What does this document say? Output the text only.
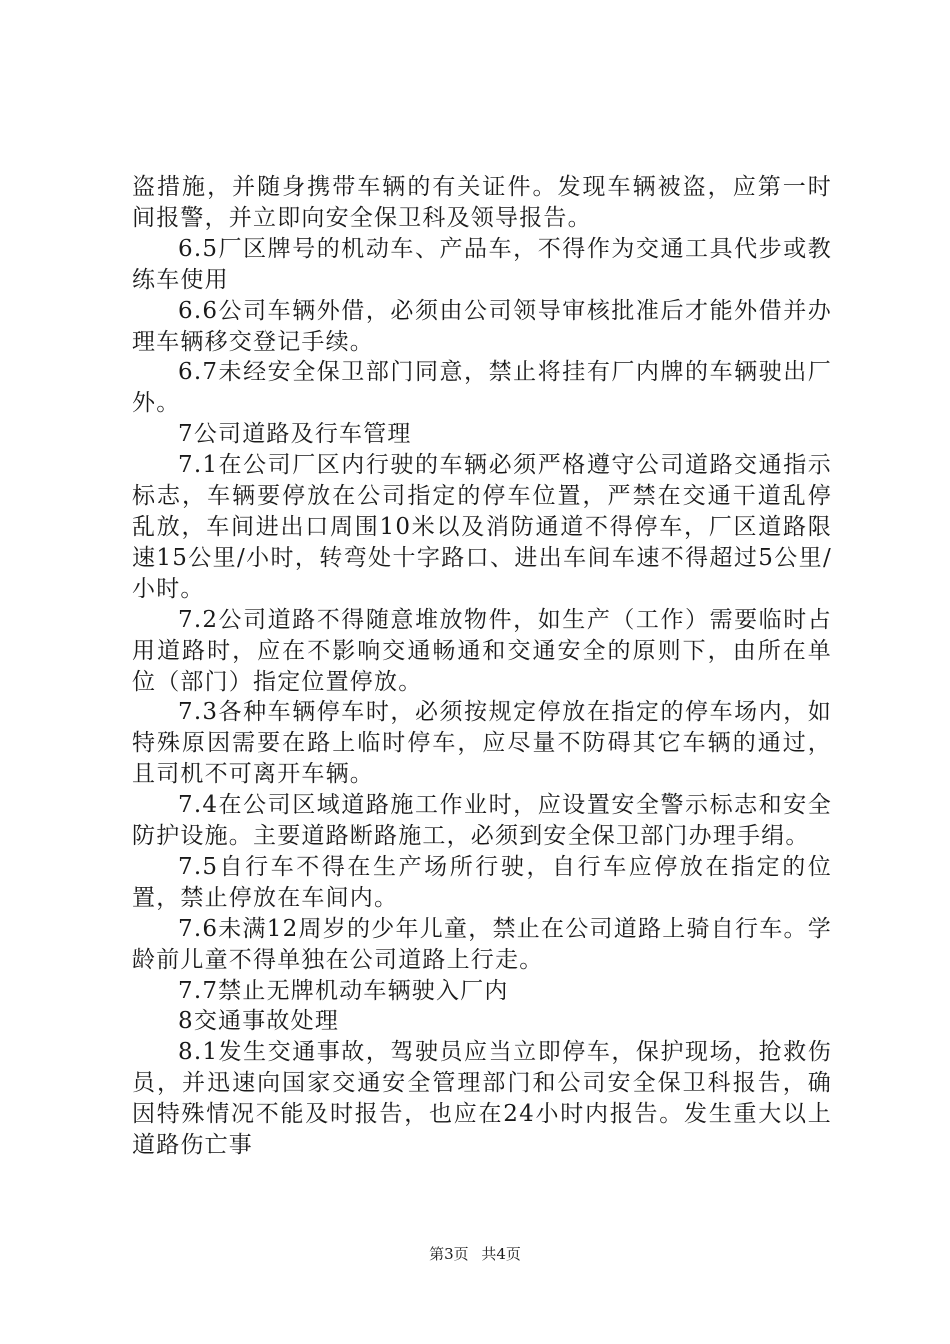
盗措施，并随身携带车辆的有关证件。发现车辆被盗，应第一时间报警，并立即向安全保卫科及领导报告。

6.5厂区牌号的机动车、产品车，不得作为交通工具代步或教练车使用

6.6公司车辆外借，必须由公司领导审核批准后才能外借并办理车辆移交登记手续。

6.7未经安全保卫部门同意，禁止将挂有厂内牌的车辆驶出厂外。

7公司道路及行车管理

7.1在公司厂区内行驶的车辆必须严格遵守公司道路交通指示标志，车辆要停放在公司指定的停车位置，严禁在交通干道乱停乱放，车间进出口周围10米以及消防通道不得停车，厂区道路限速15公里/小时，转弯处十字路口、进出车间车速不得超过5公里/小时。

7.2公司道路不得随意堆放物件，如生产（工作）需要临时占用道路时，应在不影响交通畅通和交通安全的原则下，由所在单位（部门）指定位置停放。

7.3各种车辆停车时，必须按规定停放在指定的停车场内，如特殊原因需要在路上临时停车，应尽量不防碍其它车辆的通过，且司机不可离开车辆。

7.4在公司区域道路施工作业时，应设置安全警示标志和安全防护设施。主要道路断路施工，必须到安全保卫部门办理手绢。

7.5自行车不得在生产场所行驶，自行车应停放在指定的位置，禁止停放在车间内。

7.6未满12周岁的少年儿童，禁止在公司道路上骑自行车。学龄前儿童不得单独在公司道路上行走。

7.7禁止无牌机动车辆驶入厂内

8交通事故处理

8.1发生交通事故，驾驶员应当立即停车，保护现场，抢救伤员，并迅速向国家交通安全管理部门和公司安全保卫科报告，确因特殊情况不能及时报告，也应在24小时内报告。发生重大以上道路伤亡事

第3页 共4页
